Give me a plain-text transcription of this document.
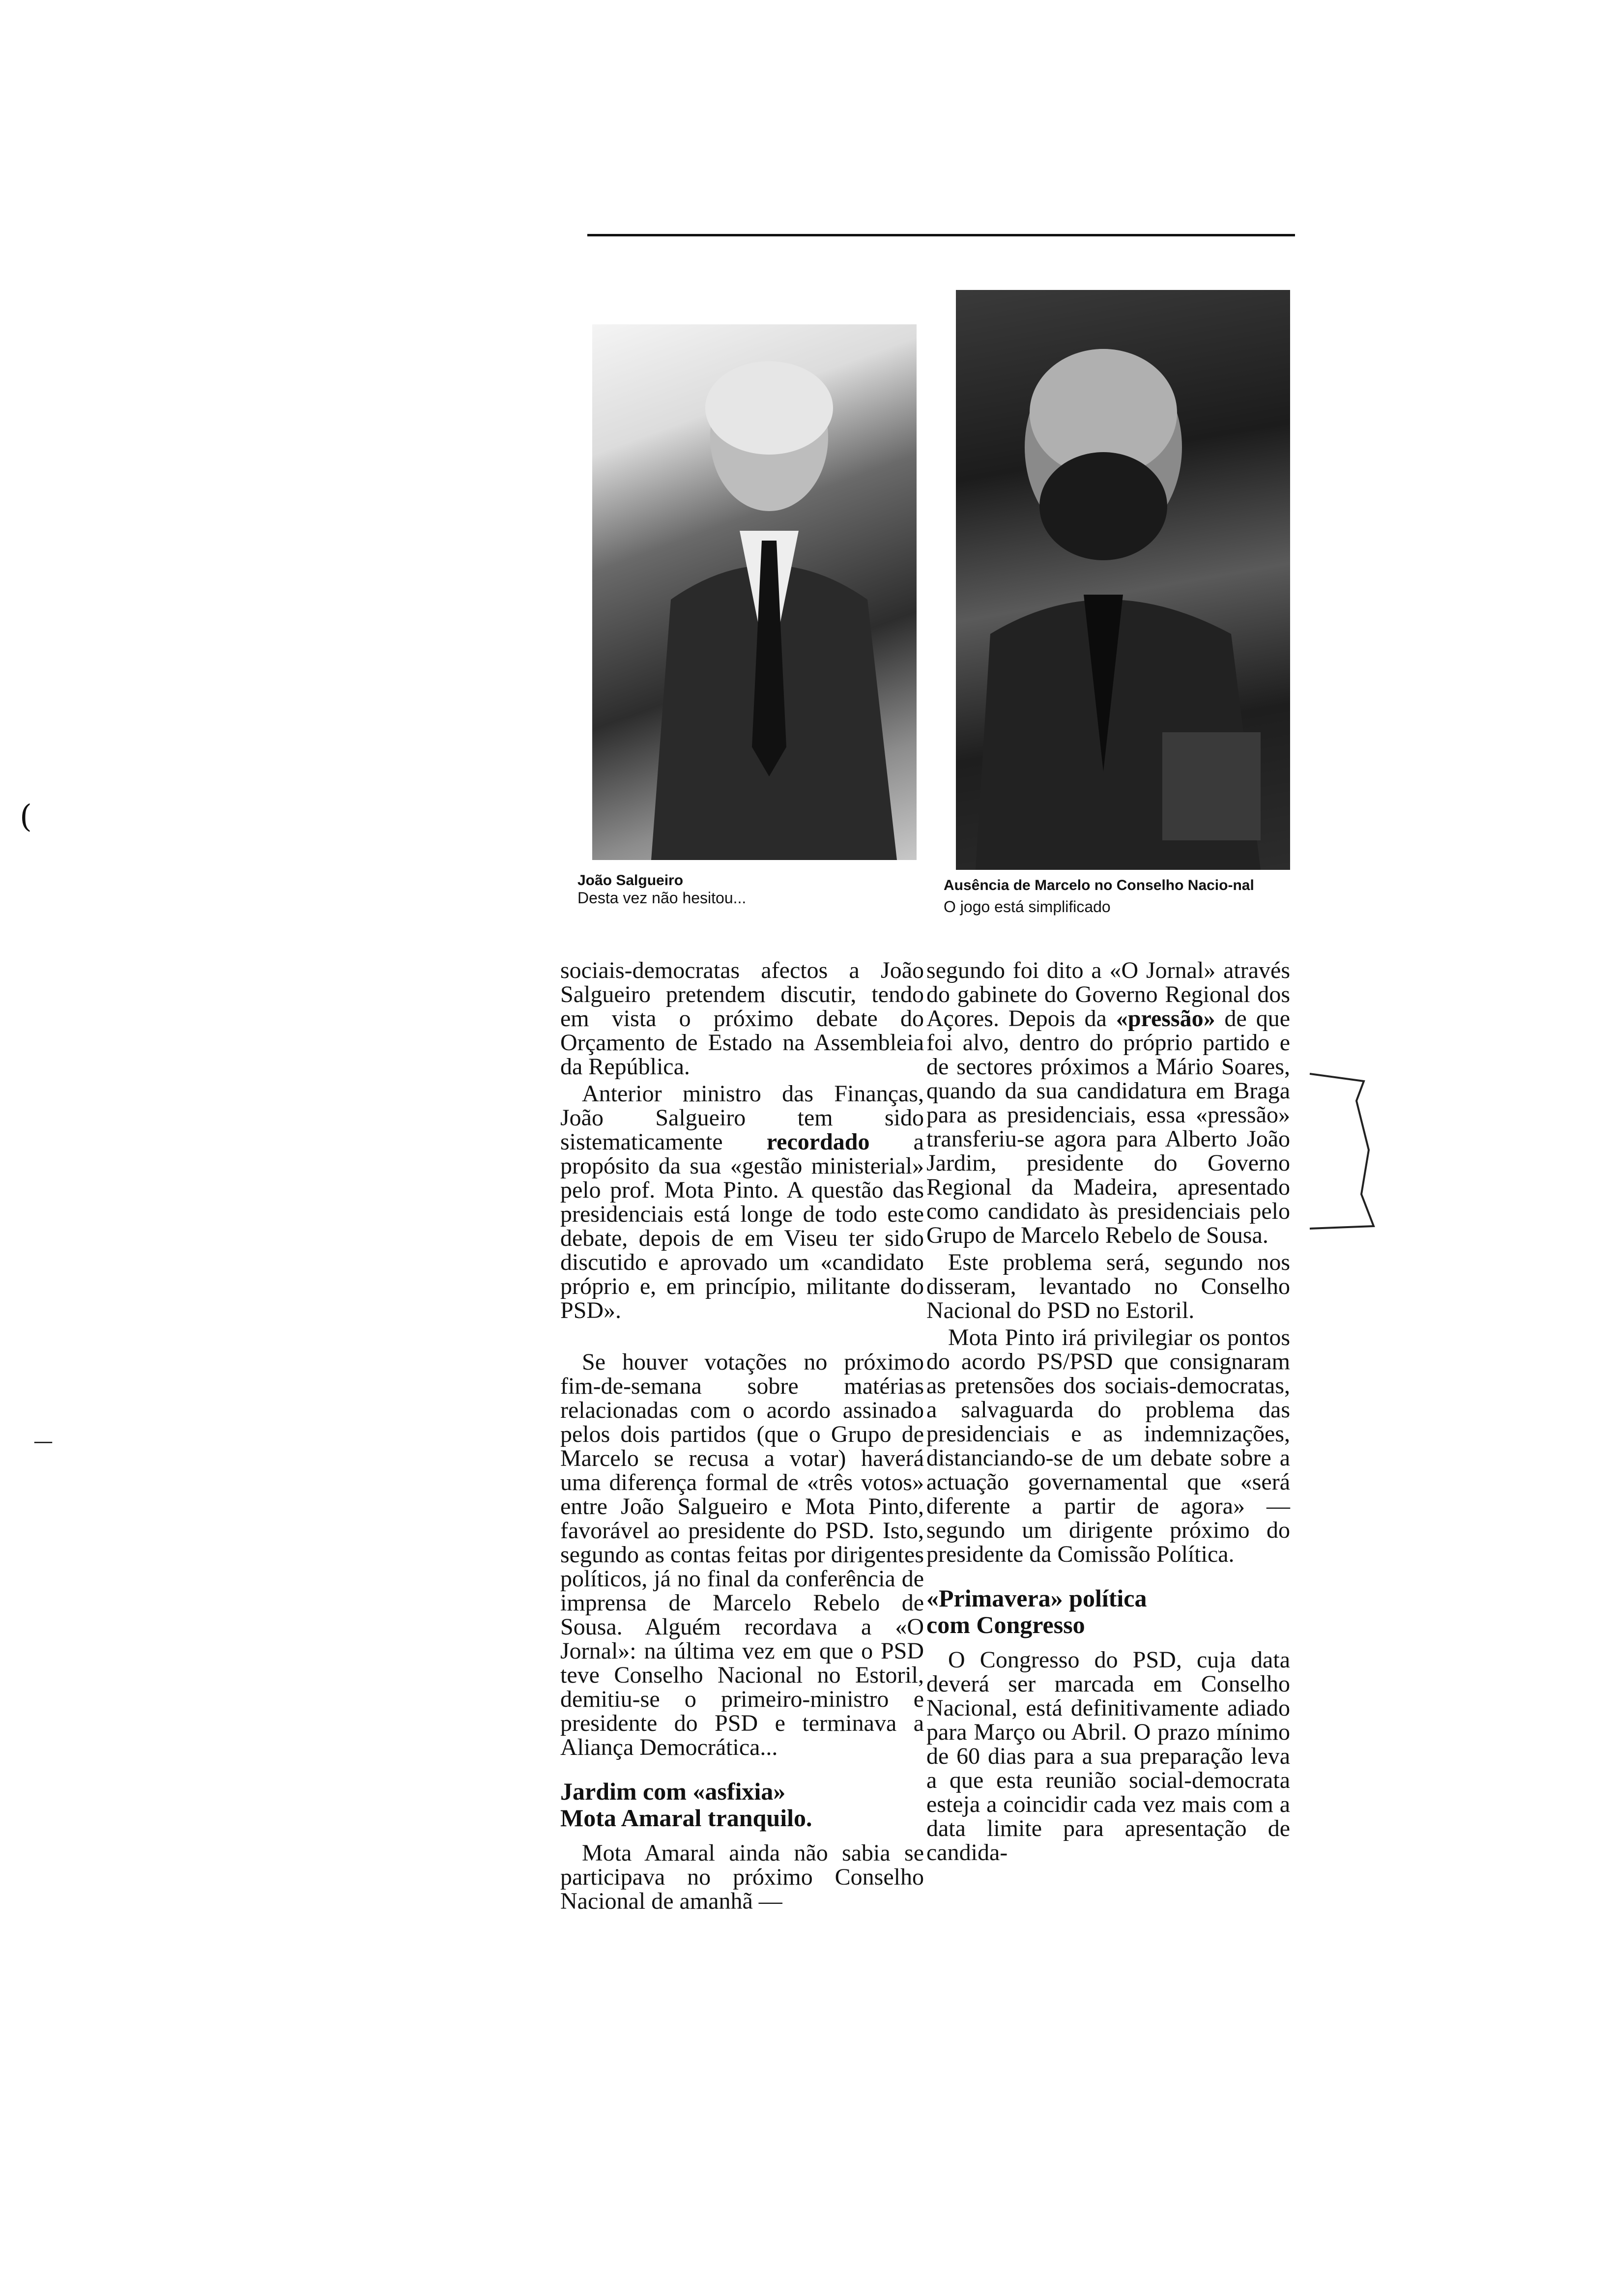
(
—
João Salgueiro
Desta vez não hesitou...
Ausência de Marcelo no Conselho Nacio-nal
O jogo está simplificado

sociais-democratas afectos a João Salgueiro pretendem discutir, tendo em vista o próximo debate do Orçamento de Estado na Assembleia da República.

Anterior ministro das Finanças, João Salgueiro tem sido sistematicamente recordado a propósito da sua «gestão ministerial» pelo prof. Mota Pinto. A questão das presidenciais está longe de todo este debate, depois de em Viseu ter sido discutido e aprovado um «candidato próprio e, em princípio, militante do PSD».

Se houver votações no próximo fim-de-semana sobre matérias relacionadas com o acordo assinado pelos dois partidos (que o Grupo de Marcelo se recusa a votar) haverá uma diferença formal de «três votos» entre João Salgueiro e Mota Pinto, favorável ao presidente do PSD. Isto, segundo as contas feitas por dirigentes políticos, já no final da conferência de imprensa de Marcelo Rebelo de Sousa. Alguém recordava a «O Jornal»: na última vez em que o PSD teve Conselho Nacional no Estoril, demitiu-se o primeiro-ministro e presidente do PSD e terminava a Aliança Democrática...

Jardim com «asfixia»
Mota Amaral tranquilo.

Mota Amaral ainda não sabia se participava no próximo Conselho Nacional de amanhã —

segundo foi dito a «O Jornal» através do gabinete do Governo Regional dos Açores. Depois da «pressão» de que foi alvo, dentro do próprio partido e de sectores próximos a Mário Soares, quando da sua candidatura em Braga para as presidenciais, essa «pressão» transferiu-se agora para Alberto João Jardim, presidente do Governo Regional da Madeira, apresentado como candidato às presidenciais pelo Grupo de Marcelo Rebelo de Sousa.

Este problema será, segundo nos disseram, levantado no Conselho Nacional do PSD no Estoril.

Mota Pinto irá privilegiar os pontos do acordo PS/PSD que consignaram as pretensões dos sociais-democratas, a salvaguarda do problema das presidenciais e as indemnizações, distanciando-se de um debate sobre a actuação governamental que «será diferente a partir de agora» — segundo um dirigente próximo do presidente da Comissão Política.

«Primavera» política
com Congresso

O Congresso do PSD, cuja data deverá ser marcada em Conselho Nacional, está definitivamente adiado para Março ou Abril. O prazo mínimo de 60 dias para a sua preparação leva a que esta reunião social-democrata esteja a coincidir cada vez mais com a data limite para apresentação de candida-
